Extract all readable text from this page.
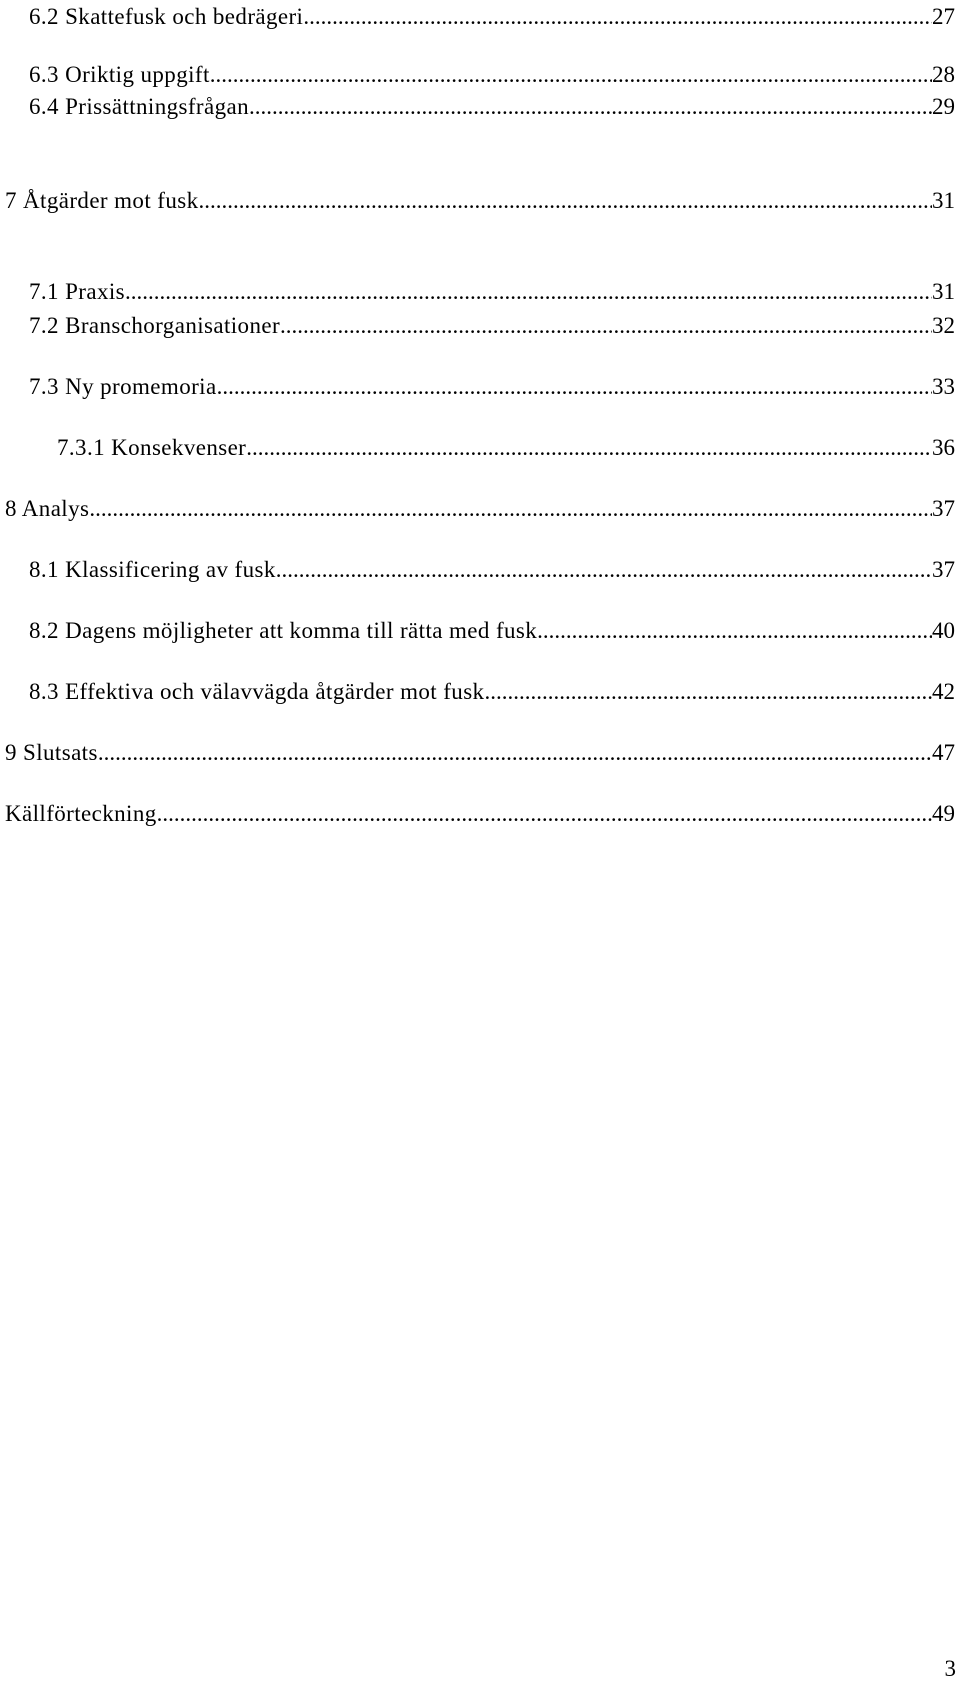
6.2 Skattefusk och bedrägeri .....	27
6.3 Oriktig uppgift .....	28
6.4 Prissättningsfrågan .....	29
7 Åtgärder mot fusk .....	31
7.1 Praxis .....	31
7.2 Branschorganisationer .....	32
7.3 Ny promemoria .....	33
7.3.1 Konsekvenser .....	36
8 Analys .....	37
8.1 Klassificering av fusk .....	37
8.2 Dagens möjligheter att komma till rätta med fusk .....	40
8.3 Effektiva och välavvägda åtgärder mot fusk .....	42
9 Slutsats .....	47
Källförteckning .....	49
3
